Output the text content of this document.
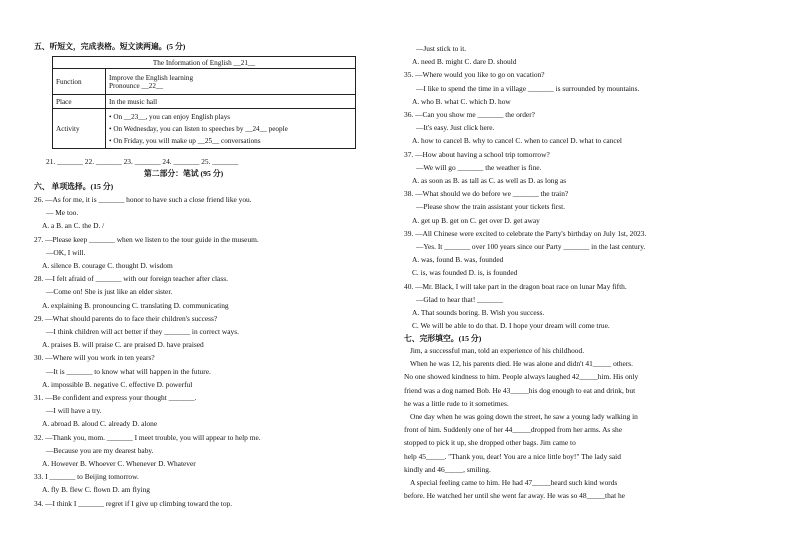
五、听短文，完成表格。短文读两遍。(5 分)
The Information of English __21__	
Function	Improve the English learning
Pronounce __22__

Place	In the music hall
Activity	• On __23__, you can enjoy English plays
• On Wednesday, you can listen to speeches by __24__ people
• On Friday, you will make up __25__ conversations
21. _______ 22. _______ 23. _______ 24. _______ 25. _______
第二部分：笔试 (95 分)
六、 单项选择。(15 分)
26. —As for me, it is _______ honor to have such a close friend like you.
— Me too.
A. a B. an C. the D. /
27. —Please keep _______ when we listen to the tour guide in the museum.
—OK, I will.
A. silence B. courage C. thought D. wisdom
28. —I felt afraid of _______ with our foreign teacher after class.
—Come on! She is just like an elder sister.
A. explaining B. pronouncing C. translating D. communicating
29. —What should parents do to face their children's success?
—I think children will act better if they _______ in correct ways.
A. praises B. will praise C. are praised D. have praised
30. —Where will you work in ten years?
—It is _______ to know what will happen in the future.
A. impossible B. negative C. effective D. powerful
31. —Be confident and express your thought _______.
—I will have a try.
A. abroad B. aloud C. already D. alone
32. —Thank you, mom. _______ I meet trouble, you will appear to help me.
—Because you are my dearest baby.
A. However B. Whoever C. Whenever D. Whatever
33. I _______ to Beijing tomorrow.
A. fly B. flew C. flown D. am flying
34. —I think I _______ regret if I give up climbing toward the top.
—Just stick to it.
A. need B. might C. dare D. should
35. —Where would you like to go on vacation?
—I like to spend the time in a village _______ is surrounded by mountains.
A. who B. what C. which D. how
36. —Can you show me _______ the order?
—It's easy. Just click here.
A. how to cancel B. why to cancel C. when to cancel D. what to cancel
37. —How about having a school trip tomorrow?
—We will go _______ the weather is fine.
A. as soon as B. as tall as C. as well as D. as long as
38. —What should we do before we _______ the train?
—Please show the train assistant your tickets first.
A. get up B. get on C. get over D. get away
39. —All Chinese were excited to celebrate the Party's birthday on July 1st, 2023.
—Yes. It _______ over 100 years since our Party _______ in the last century.
A. was, found B. was, founded
C. is, was founded D. is, is founded
40. —Mr. Black, I will take part in the dragon boat race on lunar May fifth.
—Glad to hear that! _______
A. That sounds boring. B. Wish you success.
C. We will be able to do that. D. I hope your dream will come true.
七、完形填空。(15 分)
Jim, a successful man, told an experience of his childhood.
When he was 12, his parents died. He was alone and didn't 41_____ others.
No one showed kindness to him. People always laughed 42_____him. His only
friend was a dog named Bob. He 43_____his dog enough to eat and drink, but
he was a little rude to it sometimes.
One day when he was going down the street, he saw a young lady walking in
front of him. Suddenly one of her 44_____dropped from her arms. As she
stopped to pick it up, she dropped other bags. Jim came to
help 45_____. "Thank you, dear! You are a nice little boy!" The lady said
kindly and 46_____, smiling.
A special feeling came to him. He had 47_____heard such kind words
before. He watched her until she went far away. He was so 48_____that he
